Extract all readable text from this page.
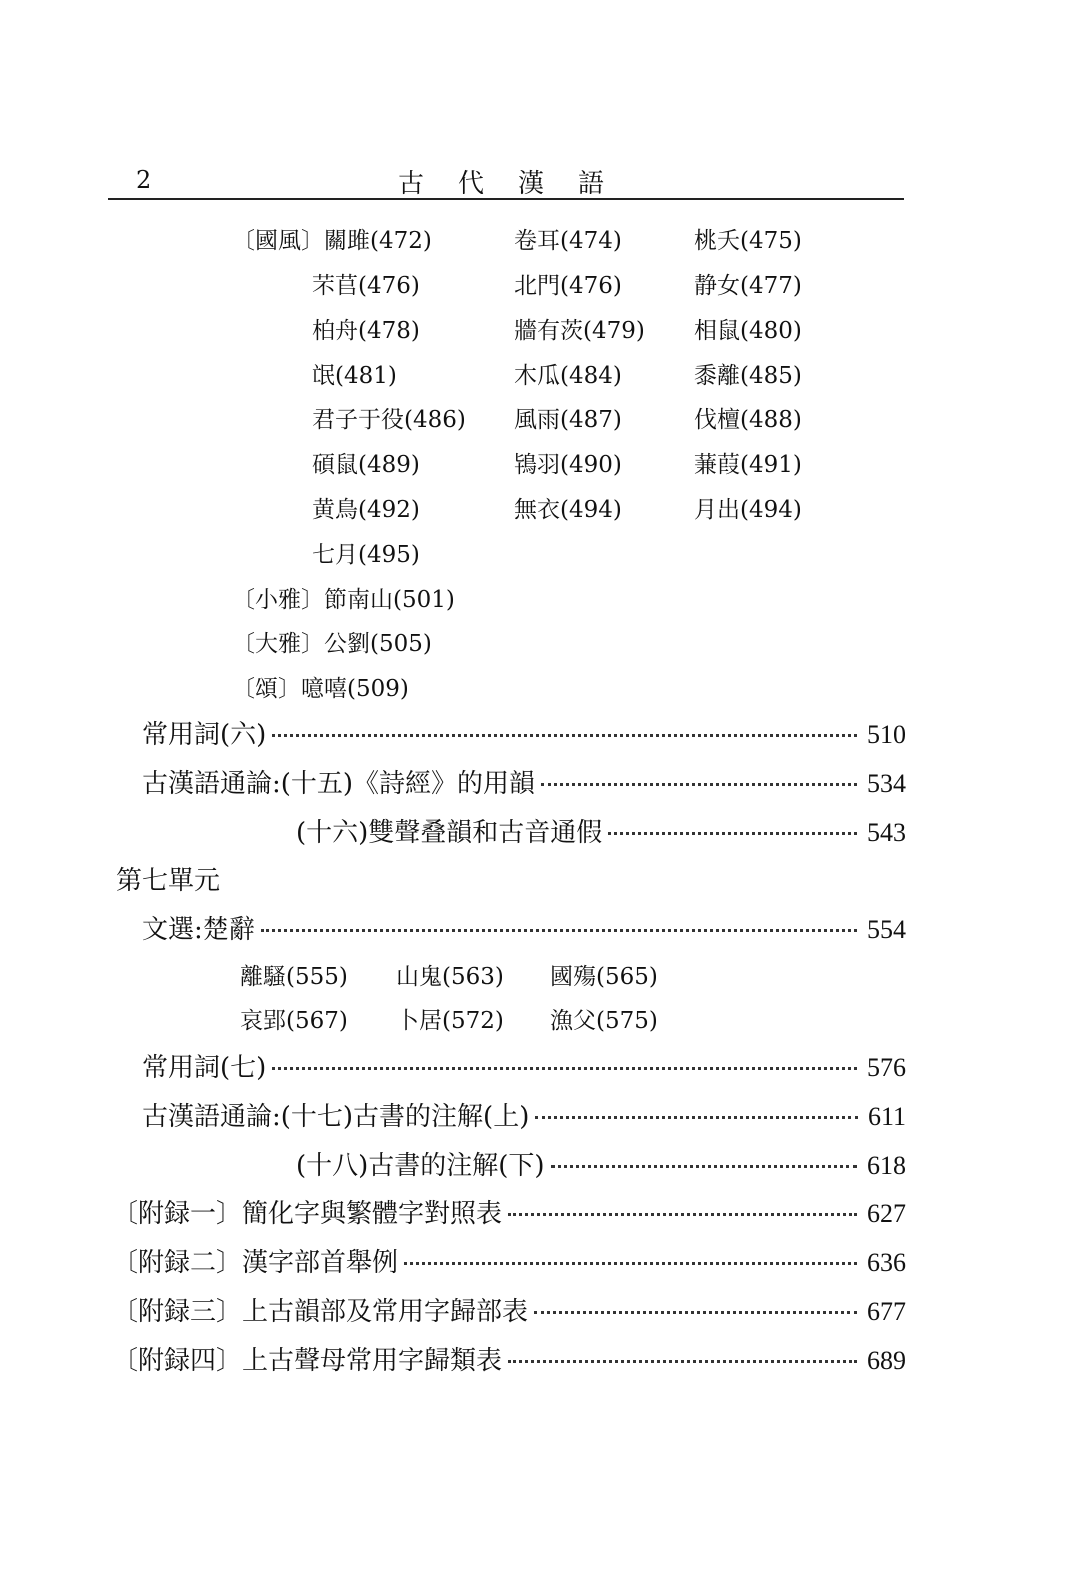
2	古代漢語
〔國風〕關雎(472)	卷耳(474)	桃夭(475)
芣苢(476)	北門(476)	静女(477)
柏舟(478)	牆有茨(479) 相鼠(480)
氓(481)	木瓜(484)	黍離(485)
君子于役(486) 風雨(487)	伐檀(488)
碩鼠(489)	鴇羽(490)	蒹葭(491)
黄鳥(492)	無衣(494)	月出(494)
七月(495)
〔小雅〕節南山(501)
〔大雅〕公劉(505)
〔頌〕噫嘻(509)
常用詞(六)	510
古漢語通論:(十五)《詩經》的用韻	534
(十六)雙聲叠韻和古音通假	543
第七單元
文選:楚辭	554
離騷(555) 山鬼(563) 國殤(565)
哀郢(567) 卜居(572) 漁父(575)
常用詞(七)	576
古漢語通論:(十七)古書的注解(上)	611
(十八)古書的注解(下)	618
〔附録一〕簡化字與繁體字對照表	627
〔附録二〕漢字部首舉例	636
〔附録三〕上古韻部及常用字歸部表	677
〔附録四〕上古聲母常用字歸類表	689
